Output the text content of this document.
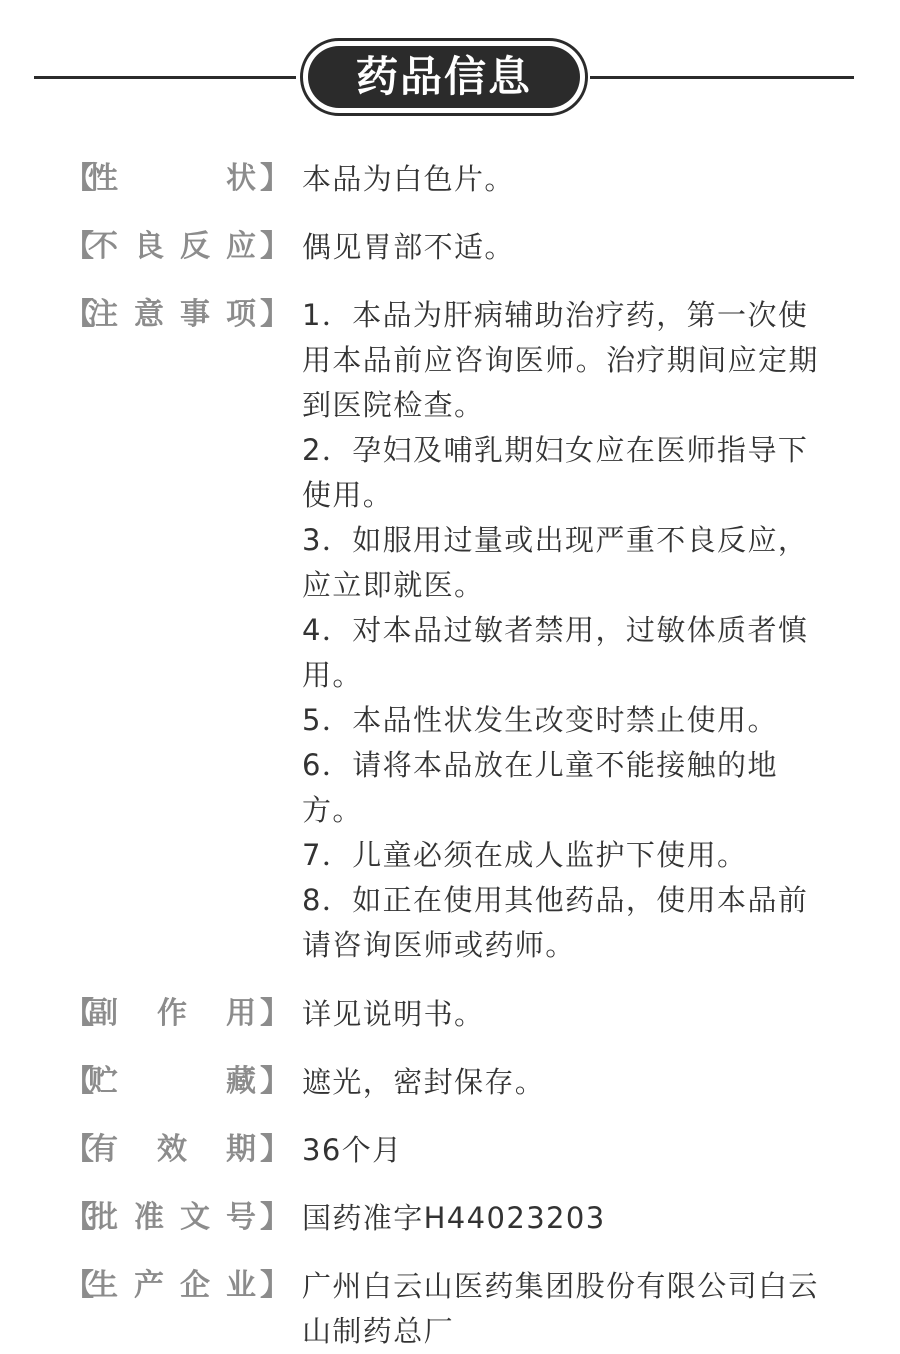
药品信息
【
性	状 】 本品为白色片。
【
不 良 反 应 】 偶见胃部不适。
【
注 意 事 项 】 1．本品为肝病辅助治疗药，第一次使用本品前应咨询医师。治疗期间应定期到医院检查。
2．孕妇及哺乳期妇女应在医师指导下使用。
3．如服用过量或出现严重不良反应，应立即就医。
4．对本品过敏者禁用，过敏体质者慎用。
5．本品性状发生改变时禁止使用。
6．请将本品放在儿童不能接触的地方。
7．儿童必须在成人监护下使用。
8．如正在使用其他药品，使用本品前请咨询医师或药师。
【
副 作 用 】 详见说明书。
【
贮	藏 】 遮光，密封保存。
【
有 效 期 】 36个月
【
批 准 文 号 】 国药准字H44023203
【
生 产 企 业 】 广州白云山医药集团股份有限公司白云山制药总厂
